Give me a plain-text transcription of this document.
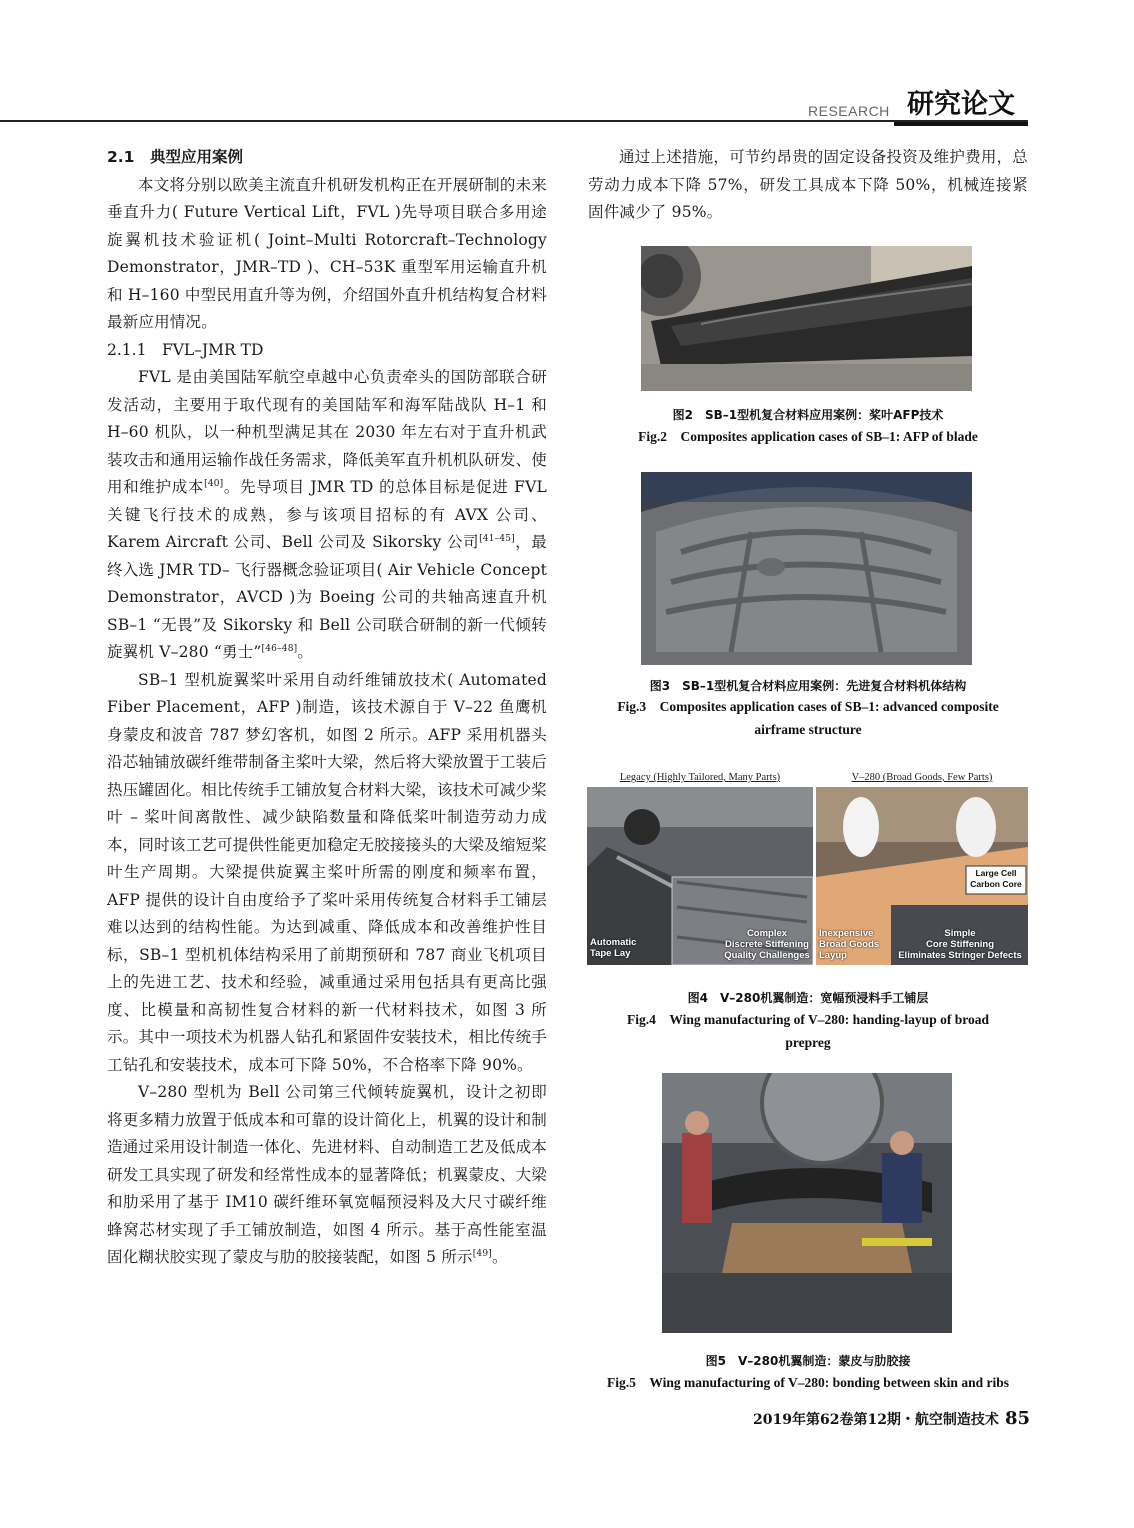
RESEARCH 研究论文
2.1　典型应用案例

本文将分别以欧美主流直升机研发机构正在开展研制的未来垂直升力( Future Vertical Lift，FVL )先导项目联合多用途旋翼机技术验证机( Joint–Multi Rotorcraft–Technology Demonstrator，JMR–TD )、CH–53K 重型军用运输直升机和 H–160 中型民用直升等为例，介绍国外直升机结构复合材料最新应用情况。

2.1.1　FVL–JMR TD

FVL 是由美国陆军航空卓越中心负责牵头的国防部联合研发活动，主要用于取代现有的美国陆军和海军陆战队 H–1 和 H–60 机队，以一种机型满足其在 2030 年左右对于直升机武装攻击和通用运输作战任务需求，降低美军直升机机队研发、使用和维护成本[40]。先导项目 JMR TD 的总体目标是促进 FVL 关键飞行技术的成熟，参与该项目招标的有 AVX 公司、Karem Aircraft 公司、Bell 公司及 Sikorsky 公司[41–45]，最终入选 JMR TD– 飞行器概念验证项目( Air Vehicle Concept Demonstrator，AVCD )为 Boeing 公司的共轴高速直升机 SB–1 “无畏”及 Sikorsky 和 Bell 公司联合研制的新一代倾转旋翼机 V–280 “勇士”[46–48]。

SB–1 型机旋翼桨叶采用自动纤维铺放技术( Automated Fiber Placement，AFP )制造，该技术源自于 V–22 鱼鹰机身蒙皮和波音 787 梦幻客机，如图 2 所示。AFP 采用机器头沿芯轴铺放碳纤维带制备主桨叶大梁，然后将大梁放置于工装后热压罐固化。相比传统手工铺放复合材料大梁，该技术可减少桨叶 – 桨叶间离散性、减少缺陷数量和降低桨叶制造劳动力成本，同时该工艺可提供性能更加稳定无胶接接头的大梁及缩短桨叶生产周期。大梁提供旋翼主桨叶所需的刚度和频率布置，AFP 提供的设计自由度给予了桨叶采用传统复合材料手工铺层难以达到的结构性能。为达到减重、降低成本和改善维护性目标，SB–1 型机机体结构采用了前期预研和 787 商业飞机项目上的先进工艺、技术和经验，减重通过采用包括具有更高比强度、比模量和高韧性复合材料的新一代材料技术，如图 3 所示。其中一项技术为机器人钻孔和紧固件安装技术，相比传统手工钻孔和安装技术，成本可下降 50%，不合格率下降 90%。

V–280 型机为 Bell 公司第三代倾转旋翼机，设计之初即将更多精力放置于低成本和可靠的设计简化上，机翼的设计和制造通过采用设计制造一体化、先进材料、自动制造工艺及低成本研发工具实现了研发和经常性成本的显著降低；机翼蒙皮、大梁和肋采用了基于 IM10 碳纤维环氧宽幅预浸料及大尺寸碳纤维蜂窝芯材实现了手工铺放制造，如图 4 所示。基于高性能室温固化糊状胶实现了蒙皮与肋的胶接装配，如图 5 所示[49]。

通过上述措施，可节约昂贵的固定设备投资及维护费用，总劳动力成本下降 57%，研发工具成本下降 50%，机械连接紧固件减少了 95%。

图2　SB–1型机复合材料应用案例：桨叶AFP技术
Fig.2　Composites application cases of SB–1: AFP of blade
图3　SB–1型机复合材料应用案例：先进复合材料机体结构
Fig.3　Composites application cases of SB–1: advanced composite
airframe structure
Legacy (Highly Tailored, Many Parts)	V–280 (Broad Goods, Few Parts)
Automatic
Tape Lay
Complex
Discrete Stiffening
Quality Challenges
Inexpensive
Broad Goods
Layup
Large Cell
Carbon Core
Simple
Core Stiffening
Eliminates Stringer Defects
图4　V–280机翼制造：宽幅预浸料手工铺层
Fig.4　Wing manufacturing of V–280: handing-layup of broad
prepreg
图5　V–280机翼制造：蒙皮与肋胶接
Fig.5　Wing manufacturing of V–280: bonding between skin and ribs
2019年第62卷第12期・航空制造技术 85
